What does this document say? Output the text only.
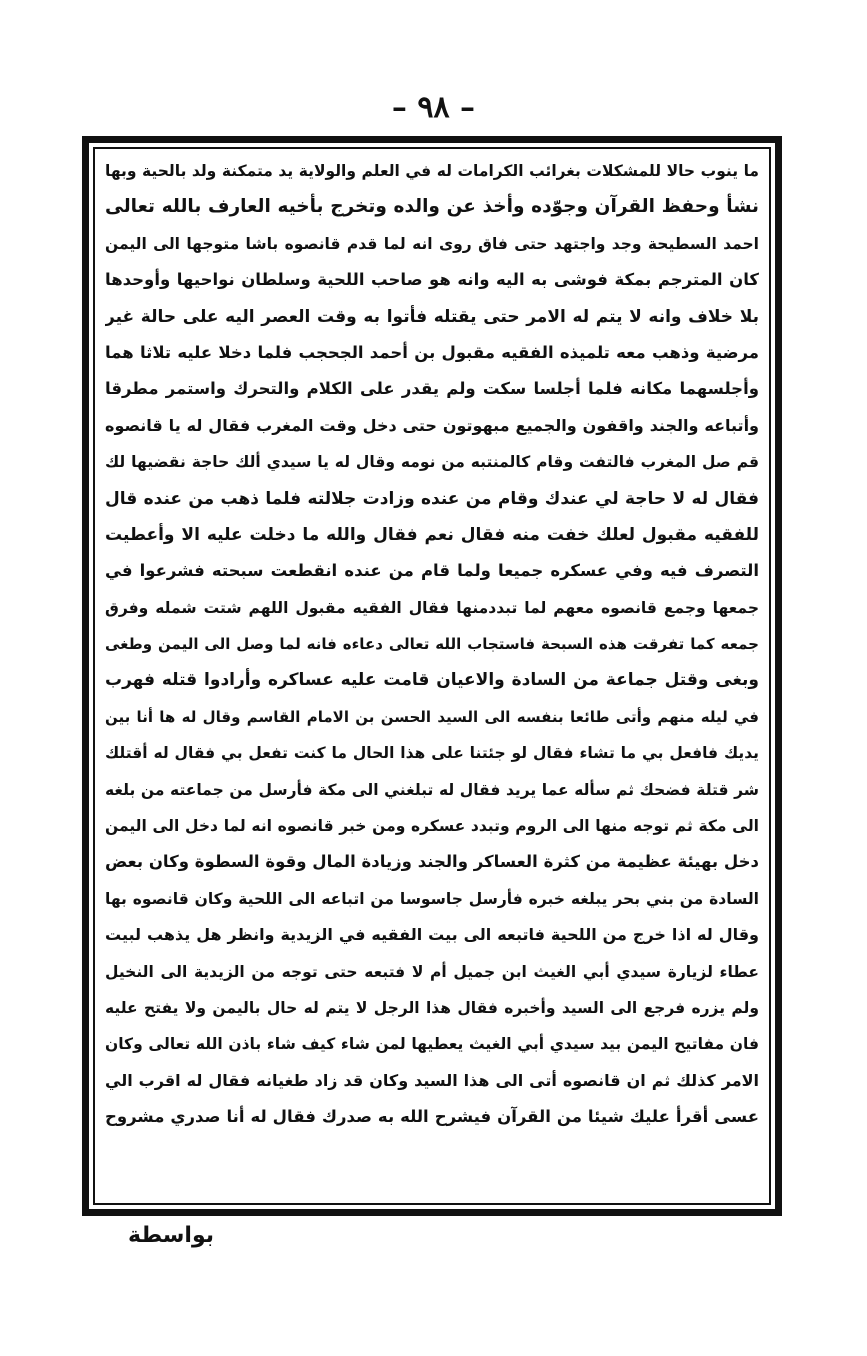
– ٩٨ –
ما ينوب حالا للمشكلات بغرائب الكرامات له في العلم والولاية يد متمكنة ولد بالحية وبها
نشأ وحفظ القرآن وجوّده وأخذ عن والده وتخرج بأخيه العارف بالله تعالى
احمد السطيحة وجد واجتهد حتى فاق روى انه لما قدم قانصوه باشا متوجها الى اليمن
كان المترجم بمكة فوشى به اليه وانه هو صاحب اللحية وسلطان نواحيها وأوحدها
بلا خلاف وانه لا يتم له الامر حتى يقتله فأتوا به وقت العصر اليه على حالة غير
مرضية وذهب معه تلميذه الفقيه مقبول بن أحمد الجحجب فلما دخلا عليه تلاثا هما
وأجلسهما مكانه فلما أجلسا سكت ولم يقدر على الكلام والتحرك واستمر مطرقا
وأتباعه والجند واقفون والجميع مبهوتون حتى دخل وقت المغرب فقال له يا قانصوه
قم صل المغرب فالتفت وقام كالمنتبه من نومه وقال له يا سيدي ألك حاجة نقضيها لك
فقال له لا حاجة لي عندك وقام من عنده وزادت جلالته فلما ذهب من عنده قال
للفقيه مقبول لعلك خفت منه فقال نعم فقال والله ما دخلت عليه الا وأعطيت
التصرف فيه وفي عسكره جميعا ولما قام من عنده انقطعت سبحته فشرعوا في
جمعها وجمع قانصوه معهم لما تبددمنها فقال الفقيه مقبول اللهم شتت شمله وفرق
جمعه كما تفرقت هذه السبحة فاستجاب الله تعالى دعاءه فانه لما وصل الى اليمن وطغى
وبغى وقتل جماعة من السادة والاعيان قامت عليه عساكره وأرادوا قتله فهرب
في ليله منهم وأتى طائعا بنفسه الى السيد الحسن بن الامام القاسم وقال له ها أنا بين
يديك فافعل بي ما تشاء فقال لو جئتنا على هذا الحال ما كنت تفعل بي فقال له أقتلك
شر قتلة فضحك ثم سأله عما يريد فقال له تبلغني الى مكة فأرسل من جماعته من بلغه
الى مكة ثم توجه منها الى الروم وتبدد عسكره ومن خبر قانصوه انه لما دخل الى اليمن
دخل بهيئة عظيمة من كثرة العساكر والجند وزيادة المال وقوة السطوة وكان بعض
السادة من بني بحر يبلغه خبره فأرسل جاسوسا من اتباعه الى اللحية وكان قانصوه بها
وقال له اذا خرج من اللحية فاتبعه الى بيت الفقيه في الزيدية وانظر هل يذهب لبيت
عطاء لزيارة سيدي أبي الغيث ابن جميل أم لا فتبعه حتى توجه من الزيدية الى النخيل
ولم يزره فرجع الى السيد وأخبره فقال هذا الرجل لا يتم له حال باليمن ولا يفتح عليه
فان مفاتيح اليمن بيد سيدي أبي الغيث يعطيها لمن شاء كيف شاء باذن الله تعالى وكان
الامر كذلك ثم ان قانصوه أتى الى هذا السيد وكان قد زاد طغيانه فقال له اقرب الي
عسى أقرأ عليك شيئا من القرآن فيشرح الله به صدرك فقال له أنا صدري مشروح
بواسطة
